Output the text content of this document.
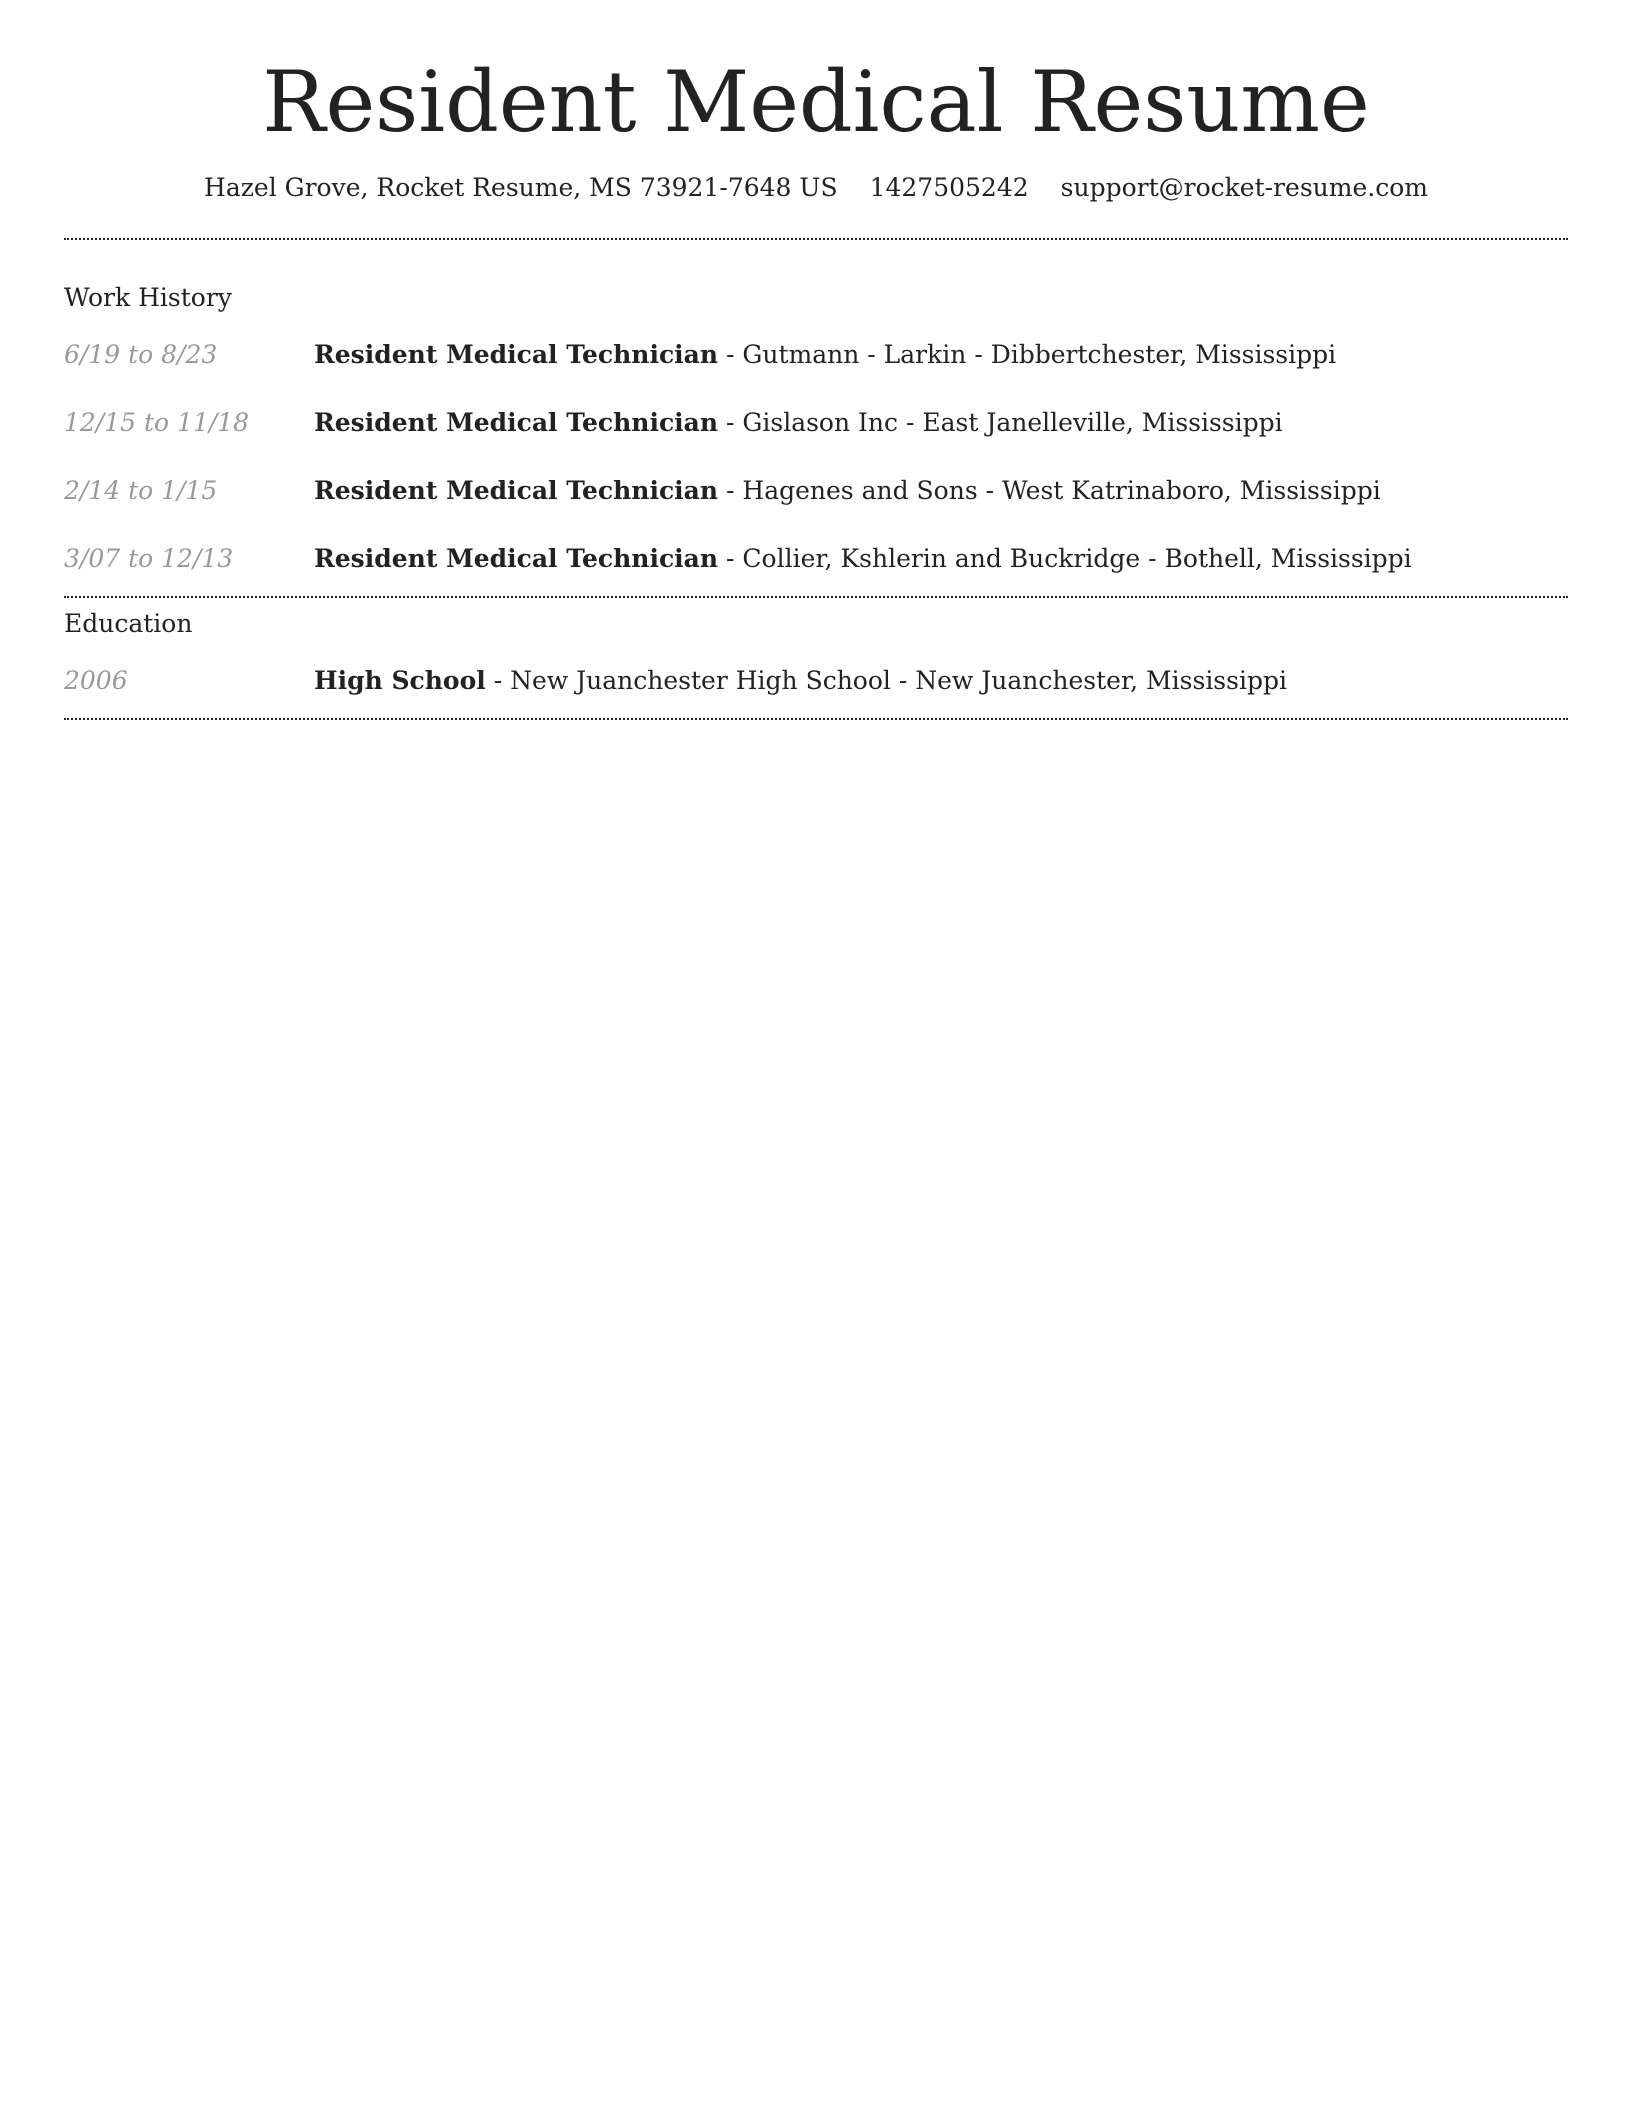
Resident Medical Resume
Hazel Grove, Rocket Resume, MS 73921-7648 US 1427505242 support@rocket-resume.com
Work History
6/19 to 8/23	Resident Medical Technician - Gutmann - Larkin - Dibbertchester, Mississippi
12/15 to 11/18	Resident Medical Technician - Gislason Inc - East Janelleville, Mississippi
2/14 to 1/15	Resident Medical Technician - Hagenes and Sons - West Katrinaboro, Mississippi
3/07 to 12/13	Resident Medical Technician - Collier, Kshlerin and Buckridge - Bothell, Mississippi
Education
2006	High School - New Juanchester High School - New Juanchester, Mississippi
